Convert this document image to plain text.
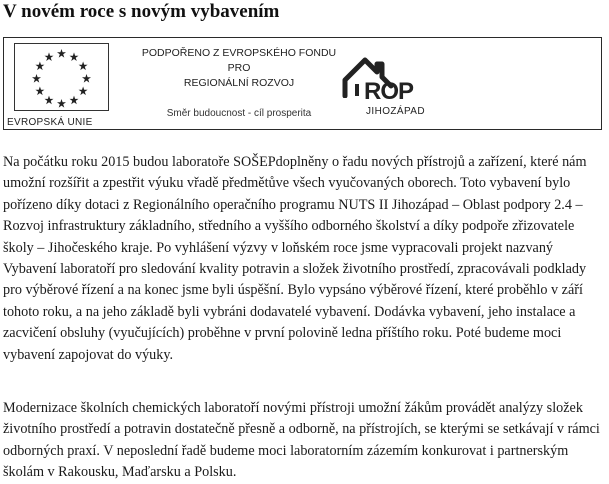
V novém roce s novým vybavením
EVROPSKÁ UNIE
PODPOŘENO Z EVROPSKÉHO FONDU
PRO
REGIONÁLNÍ ROZVOJ
Směr budoucnost - cíl prosperita
ROP
JIHOZÁPAD

Na počátku roku 2015 budou laboratoře SOŠEPdoplněny o řadu nových přístrojů a zařízení, které nám umožní rozšířit a zpestřit výuku vřadě předmětůve všech vyučovaných oborech. Toto vybavení bylo pořízeno díky dotaci z Regionálního operačního programu NUTS II Jihozápad – Oblast podpory 2.4 – Rozvoj infrastruktury základního, středního a vyššího odborného školství a díky podpoře zřizovatele školy – Jihočeského kraje. Po vyhlášení výzvy v loňském roce jsme vypracovali projekt nazvaný Vybavení laboratoří pro sledování kvality potravin a složek životního prostředí, zpracovávali podklady pro výběrové řízení a na konec jsme byli úspěšní. Bylo vypsáno výběrové řízení, které proběhlo v září tohoto roku, a na jeho základě byli vybráni dodavatelé vybavení. Dodávka vybavení, jeho instalace a zacvičení obsluhy (vyučujících) proběhne v první polovině ledna příštího roku. Poté budeme moci vybavení zapojovat do výuky.

Modernizace školních chemických laboratoří novými přístroji umožní žákům provádět analýzy složek životního prostředí a potravin dostatečně přesně a odborně, na přístrojích, se kterými se setkávají v rámci odborných praxí. V neposlední řadě budeme moci laboratorním zázemím konkurovat i partnerským školám v Rakousku, Maďarsku a Polsku.
